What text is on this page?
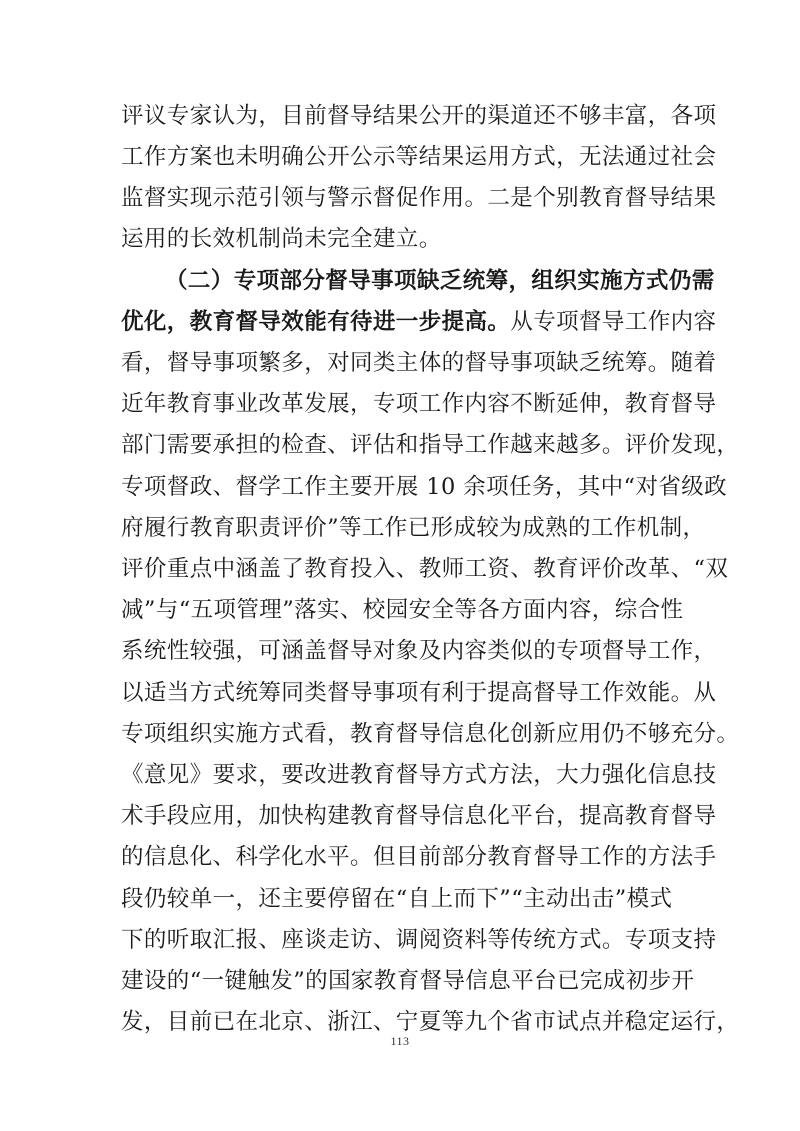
评议专家认为，目前督导结果公开的渠道还不够丰富，各项
工作方案也未明确公开公示等结果运用方式，无法通过社会
监督实现示范引领与警示督促作用。二是个别教育督导结果
运用的长效机制尚未完全建立。
（二）专项部分督导事项缺乏统筹，组织实施方式仍需
优化，教育督导效能有待进一步提高。从专项督导工作内容
看，督导事项繁多，对同类主体的督导事项缺乏统筹。随着
近年教育事业改革发展，专项工作内容不断延伸，教育督导
部门需要承担的检查、评估和指导工作越来越多。评价发现，
专项督政、督学工作主要开展 10 余项任务，其中“对省级政
府履行教育职责评价”等工作已形成较为成熟的工作机制，
评价重点中涵盖了教育投入、教师工资、教育评价改革、“双
减”与“五项管理”落实、校园安全等各方面内容，综合性
系统性较强，可涵盖督导对象及内容类似的专项督导工作，
以适当方式统筹同类督导事项有利于提高督导工作效能。从
专项组织实施方式看，教育督导信息化创新应用仍不够充分。
《意见》要求，要改进教育督导方式方法，大力强化信息技
术手段应用，加快构建教育督导信息化平台，提高教育督导
的信息化、科学化水平。但目前部分教育督导工作的方法手
段仍较单一，还主要停留在“自上而下”“主动出击”模式
下的听取汇报、座谈走访、调阅资料等传统方式。专项支持
建设的“一键触发”的国家教育督导信息平台已完成初步开
发，目前已在北京、浙江、宁夏等九个省市试点并稳定运行，
113
